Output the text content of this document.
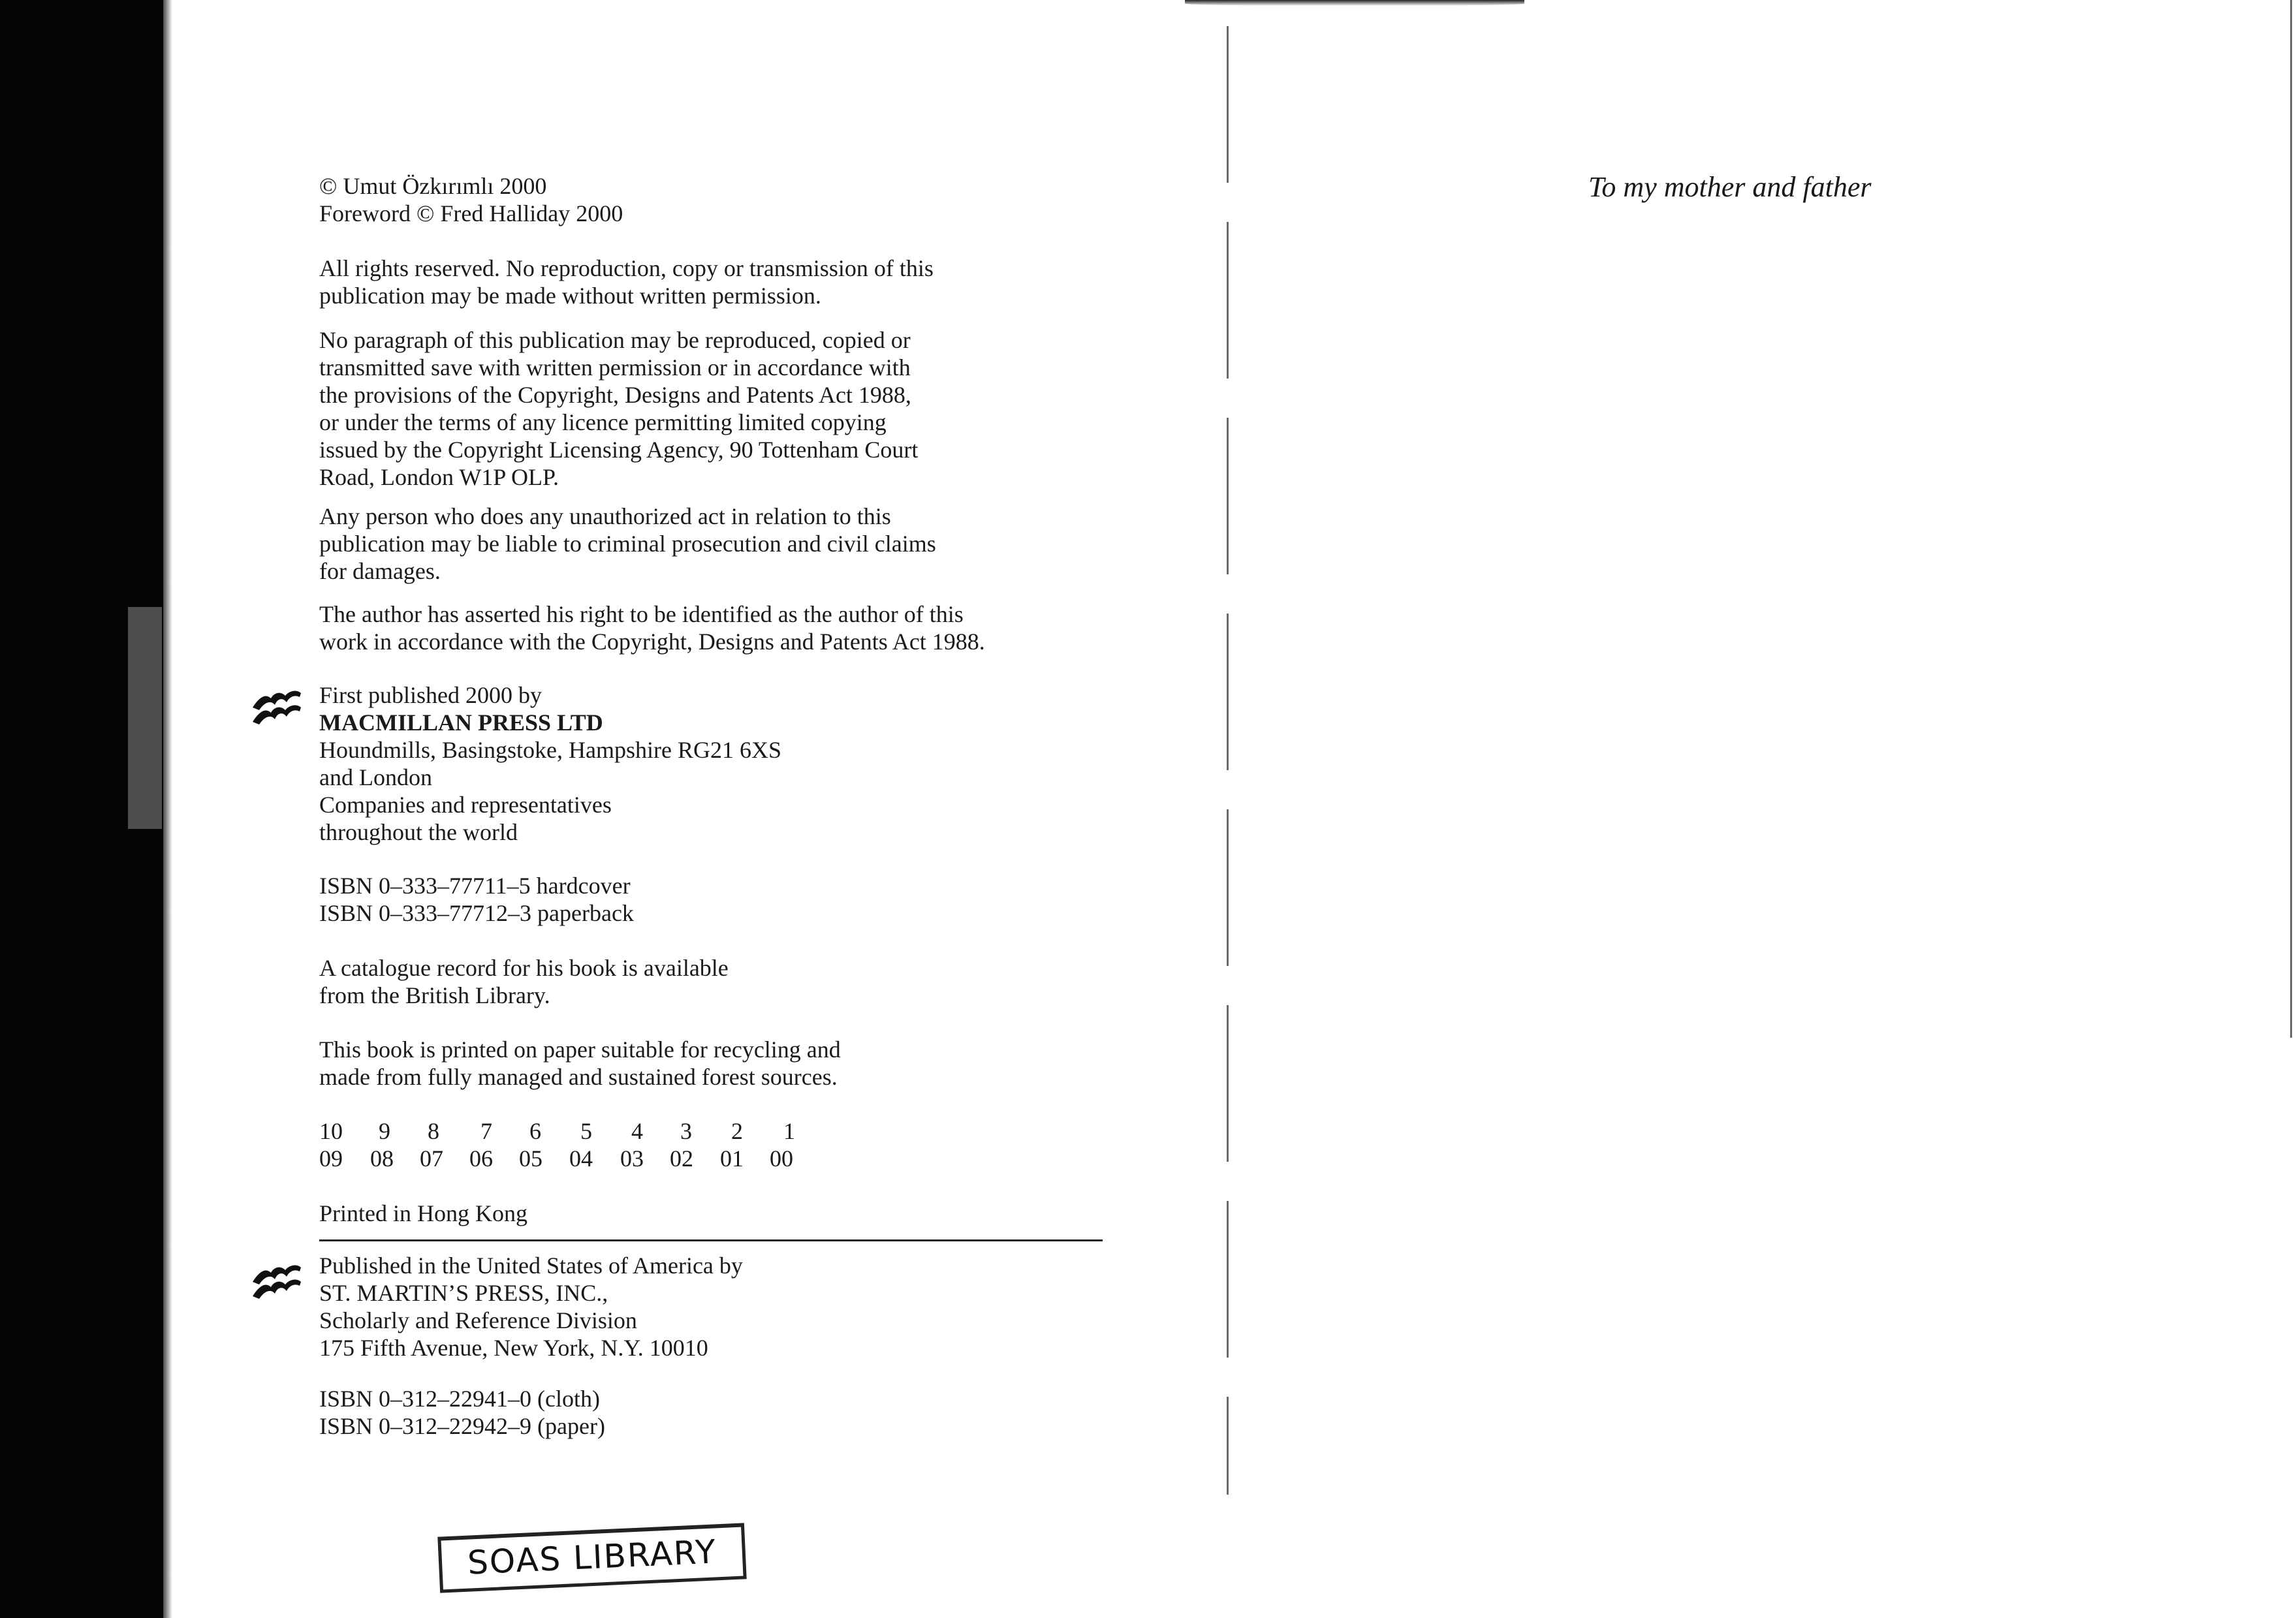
© Umut Özkırımlı 2000
Foreword © Fred Halliday 2000
All rights reserved. No reproduction, copy or transmission of this
publication may be made without written permission.
No paragraph of this publication may be reproduced, copied or
transmitted save with written permission or in accordance with
the provisions of the Copyright, Designs and Patents Act 1988,
or under the terms of any licence permitting limited copying
issued by the Copyright Licensing Agency, 90 Tottenham Court
Road, London W1P OLP.
Any person who does any unauthorized act in relation to this
publication may be liable to criminal prosecution and civil claims
for damages.
The author has asserted his right to be identified as the author of this
work in accordance with the Copyright, Designs and Patents Act 1988.
First published 2000 by
MACMILLAN PRESS LTD
Houndmills, Basingstoke, Hampshire RG21 6XS
and London
Companies and representatives
throughout the world
ISBN 0–333–77711–5 hardcover
ISBN 0–333–77712–3 paperback
A catalogue record for his book is available
from the British Library.
This book is printed on paper suitable for recycling and
made from fully managed and sustained forest sources.
10 9 8 7 6 5 4 3 2 1
09 08 07 06 05 04 03 02 01 00
Printed in Hong Kong
Published in the United States of America by
ST. MARTIN’S PRESS, INC.,
Scholarly and Reference Division
175 Fifth Avenue, New York, N.Y. 10010
ISBN 0–312–22941–0 (cloth)
ISBN 0–312–22942–9 (paper)
SOAS LIBRARY
To my mother and father
